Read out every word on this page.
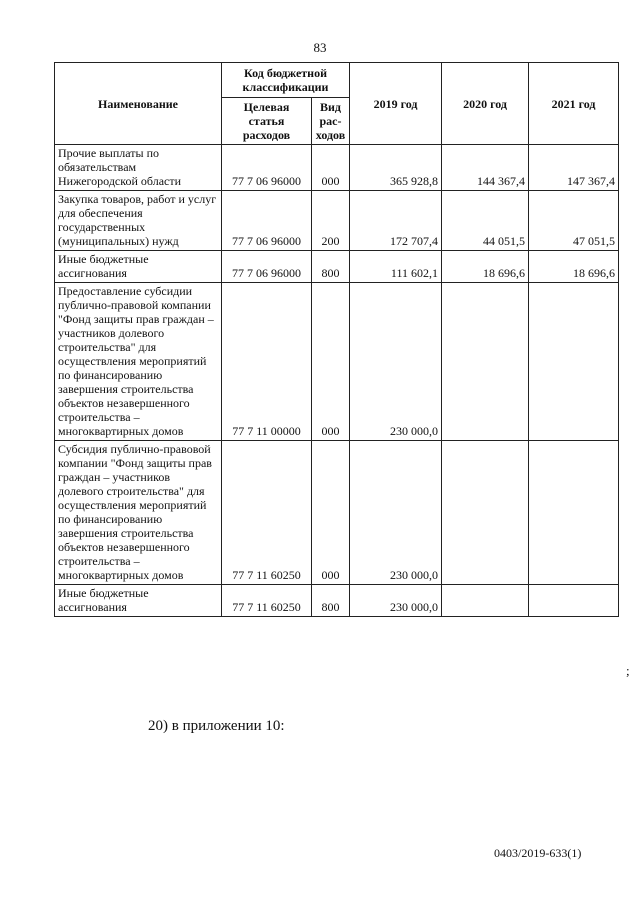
83
Наименование	Код бюджетной классификации		2019 год	2020 год	2021 год
	Целевая статья расходов	Вид рас- ходов			
Прочие выплаты по обязательствам Нижегородской области	77 7 06 96000	000	365 928,8	144 367,4	147 367,4
Закупка товаров, работ и услуг для обеспечения государственных (муниципальных) нужд	77 7 06 96000	200	172 707,4	44 051,5	47 051,5
Иные бюджетные ассигнования	77 7 06 96000	800	111 602,1	18 696,6	18 696,6
Предоставление субсидии публично-правовой компании "Фонд защиты прав граждан – участников долевого строительства" для осуществления мероприятий по финансированию завершения строительства объектов незавершенного строительства – многоквартирных домов	77 7 11 00000	000	230 000,0		
Субсидия публично-правовой компании "Фонд защиты прав граждан – участников долевого строительства" для осуществления мероприятий по финансированию завершения строительства объектов незавершенного строительства – многоквартирных домов	77 7 11 60250	000	230 000,0		
Иные бюджетные ассигнования	77 7 11 60250	800	230 000,0		
;
20) в приложении 10:
0403/2019-633(1)
